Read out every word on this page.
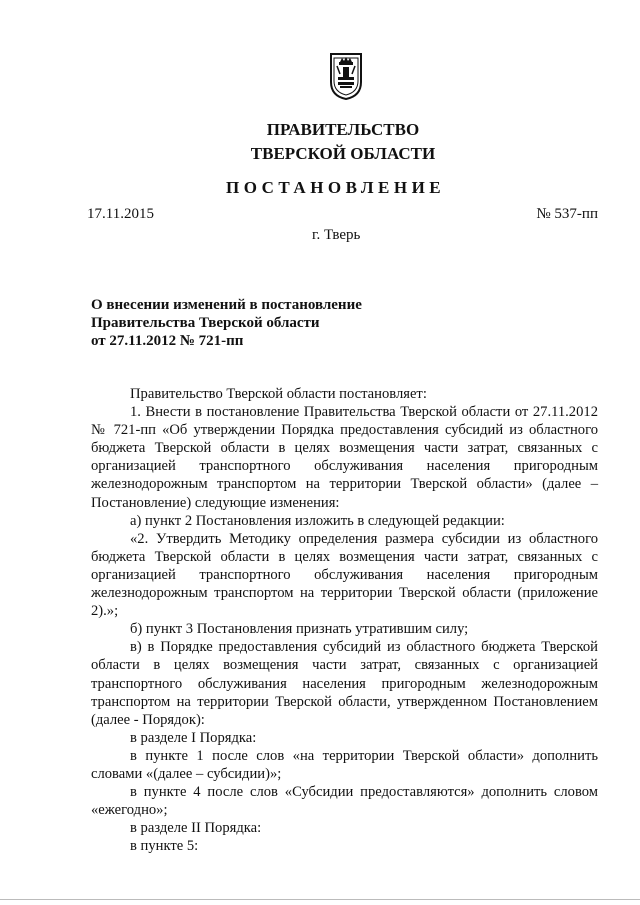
ПРАВИТЕЛЬСТВО
ТВЕРСКОЙ ОБЛАСТИ
ПОСТАНОВЛЕНИЕ
17.11.2015	№ 537-пп
г. Тверь
О внесении изменений в постановление
Правительства Тверской области
от 27.11.2012 № 721-пп

Правительство Тверской области постановляет:

1. Внести в постановление Правительства Тверской области от 27.11.2012 № 721-пп «Об утверждении Порядка предоставления субсидий из областного бюджета Тверской области в целях возмещения части затрат, связанных с организацией транспортного обслуживания населения пригородным железнодорожным транспортом на территории Тверской области» (далее – Постановление) следующие изменения:

а) пункт 2 Постановления изложить в следующей редакции:

«2. Утвердить Методику определения размера субсидии из областного бюджета Тверской области в целях возмещения части затрат, связанных с организацией транспортного обслуживания населения пригородным железнодорожным транспортом на территории Тверской области (приложение 2).»;

б) пункт 3 Постановления признать утратившим силу;

в) в Порядке предоставления субсидий из областного бюджета Тверской области в целях возмещения части затрат, связанных с организацией транспортного обслуживания населения пригородным железнодорожным транспортом на территории Тверской области, утвержденном Постановлением (далее - Порядок):

в разделе I Порядка:

в пункте 1 после слов «на территории Тверской области» дополнить словами «(далее – субсидии)»;

в пункте 4 после слов «Субсидии предоставляются» дополнить словом «ежегодно»;

в разделе II Порядка:

в пункте 5:
